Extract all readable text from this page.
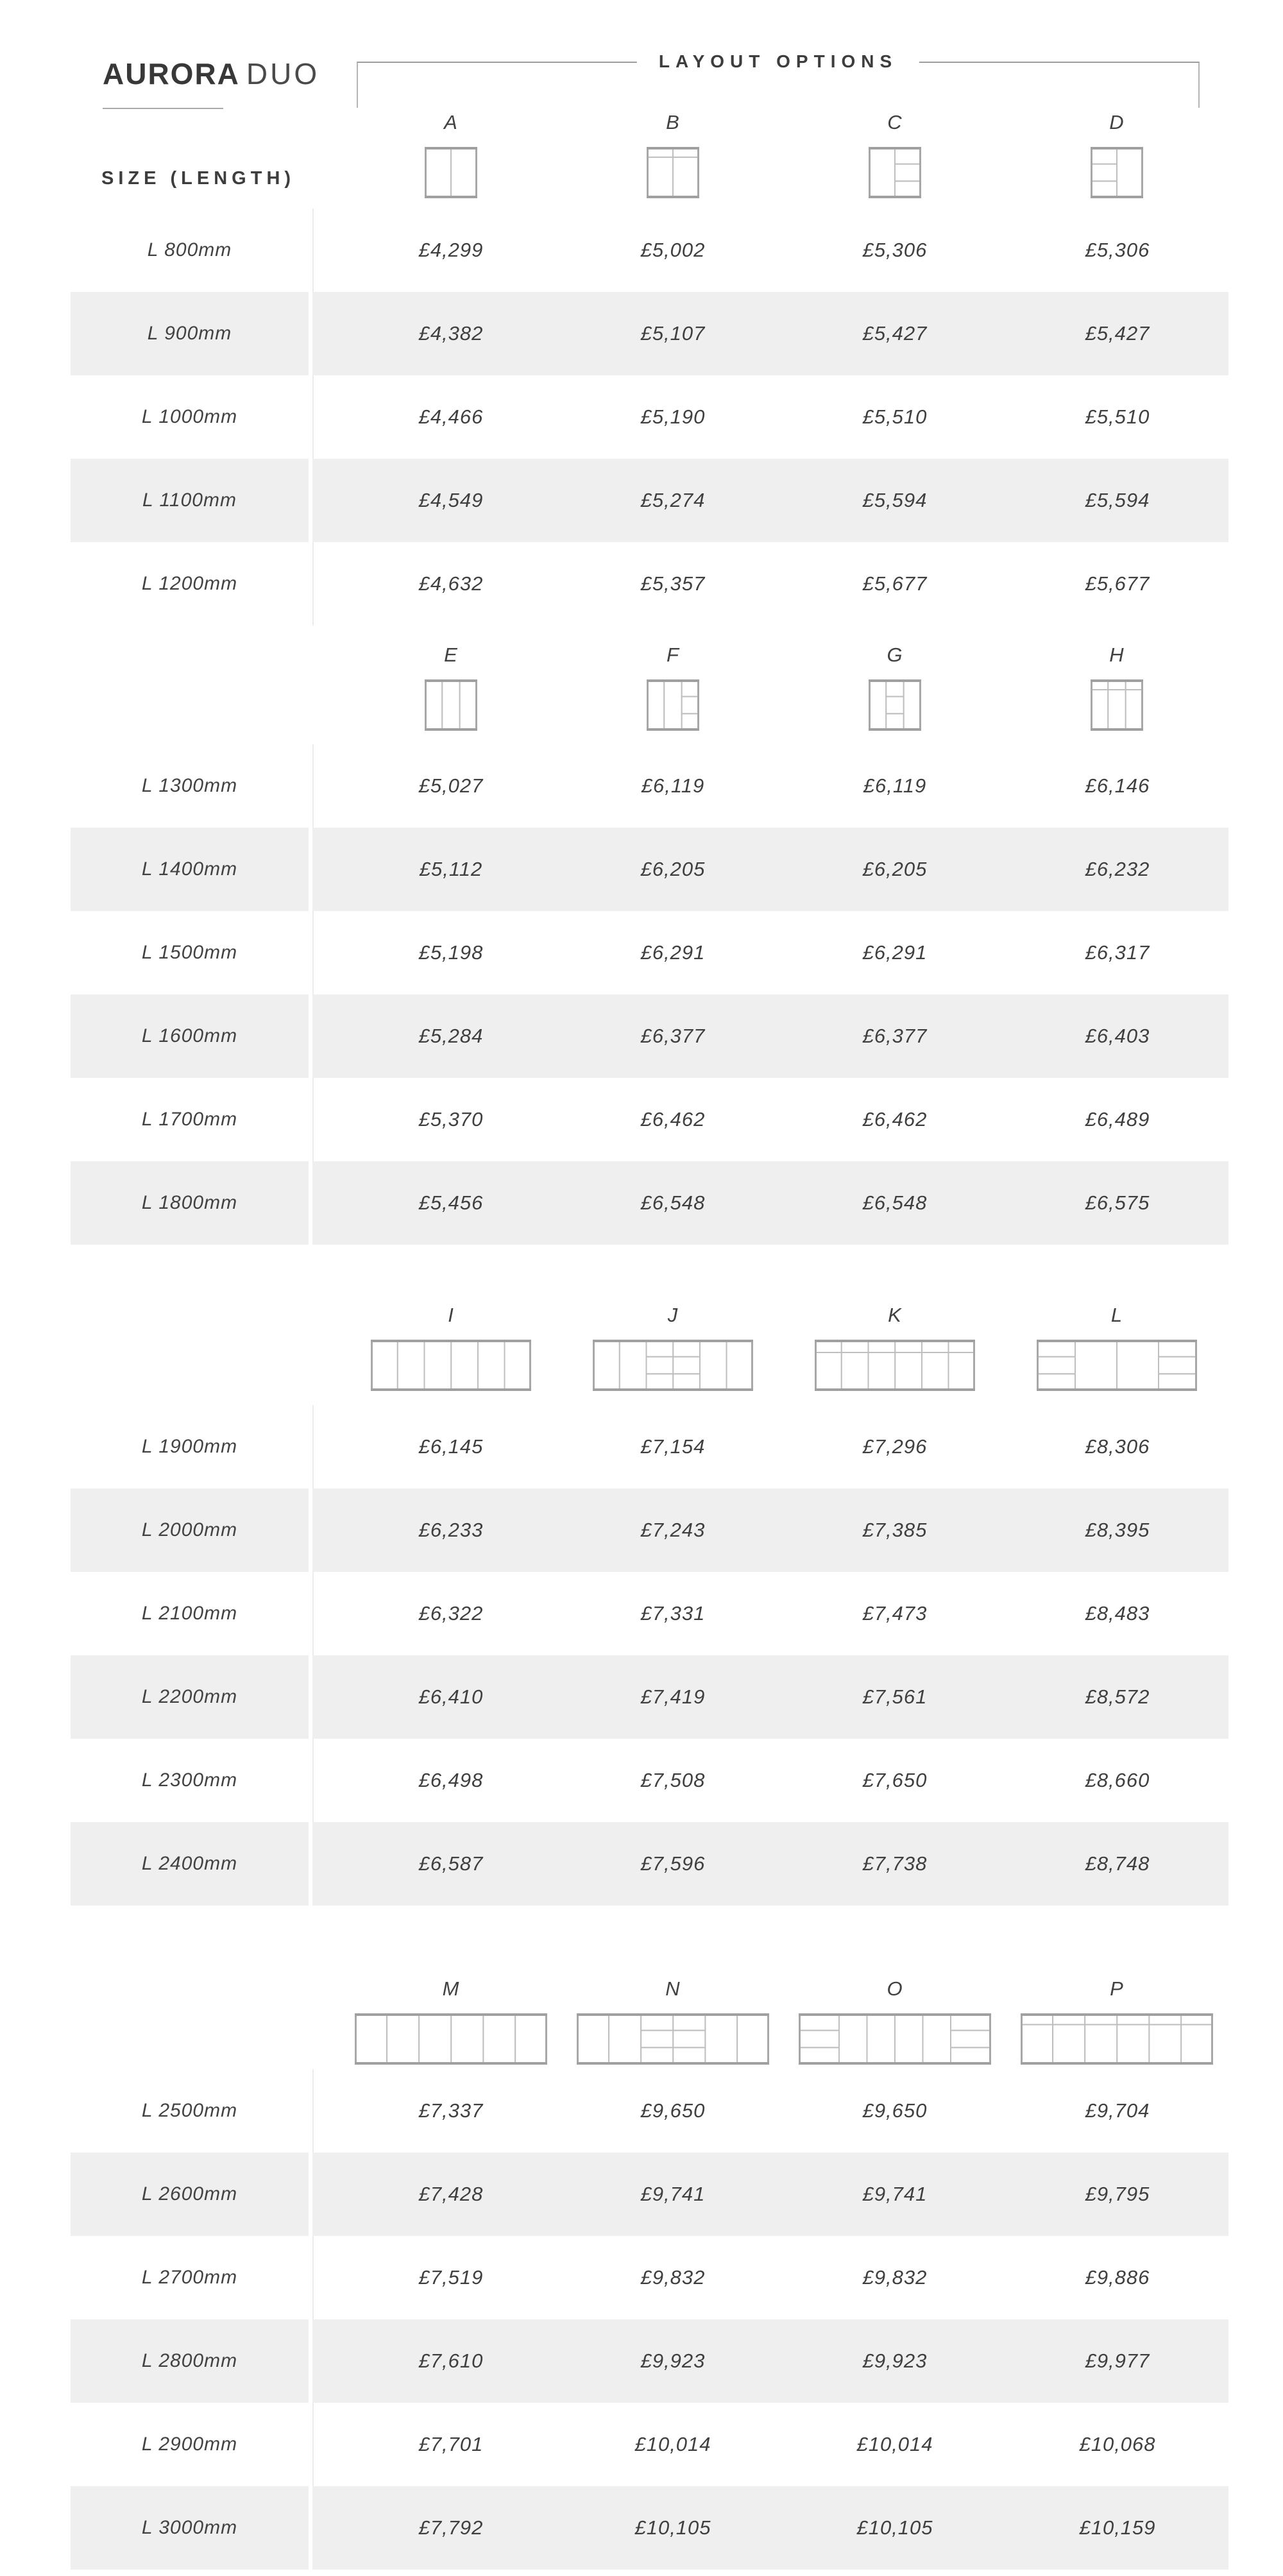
AURORA DUO
SIZE (LENGTH)
LAYOUT OPTIONS
A	B	C	D
L 800mm	£4,299	£5,002	£5,306	£5,306
L 900mm	£4,382	£5,107	£5,427	£5,427
L 1000mm	£4,466	£5,190	£5,510	£5,510
L 1100mm	£4,549	£5,274	£5,594	£5,594
L 1200mm	£4,632	£5,357	£5,677	£5,677
E	F	G	H
L 1300mm	£5,027	£6,119	£6,119	£6,146
L 1400mm	£5,112	£6,205	£6,205	£6,232
L 1500mm	£5,198	£6,291	£6,291	£6,317
L 1600mm	£5,284	£6,377	£6,377	£6,403
L 1700mm	£5,370	£6,462	£6,462	£6,489
L 1800mm	£5,456	£6,548	£6,548	£6,575
I	J	K	L
L 1900mm	£6,145	£7,154	£7,296	£8,306
L 2000mm	£6,233	£7,243	£7,385	£8,395
L 2100mm	£6,322	£7,331	£7,473	£8,483
L 2200mm	£6,410	£7,419	£7,561	£8,572
L 2300mm	£6,498	£7,508	£7,650	£8,660
L 2400mm	£6,587	£7,596	£7,738	£8,748
M	N	O	P
L 2500mm	£7,337	£9,650	£9,650	£9,704
L 2600mm	£7,428	£9,741	£9,741	£9,795
L 2700mm	£7,519	£9,832	£9,832	£9,886
L 2800mm	£7,610	£9,923	£9,923	£9,977
L 2900mm	£7,701	£10,014	£10,014	£10,068
L 3000mm	£7,792	£10,105	£10,105	£10,159
